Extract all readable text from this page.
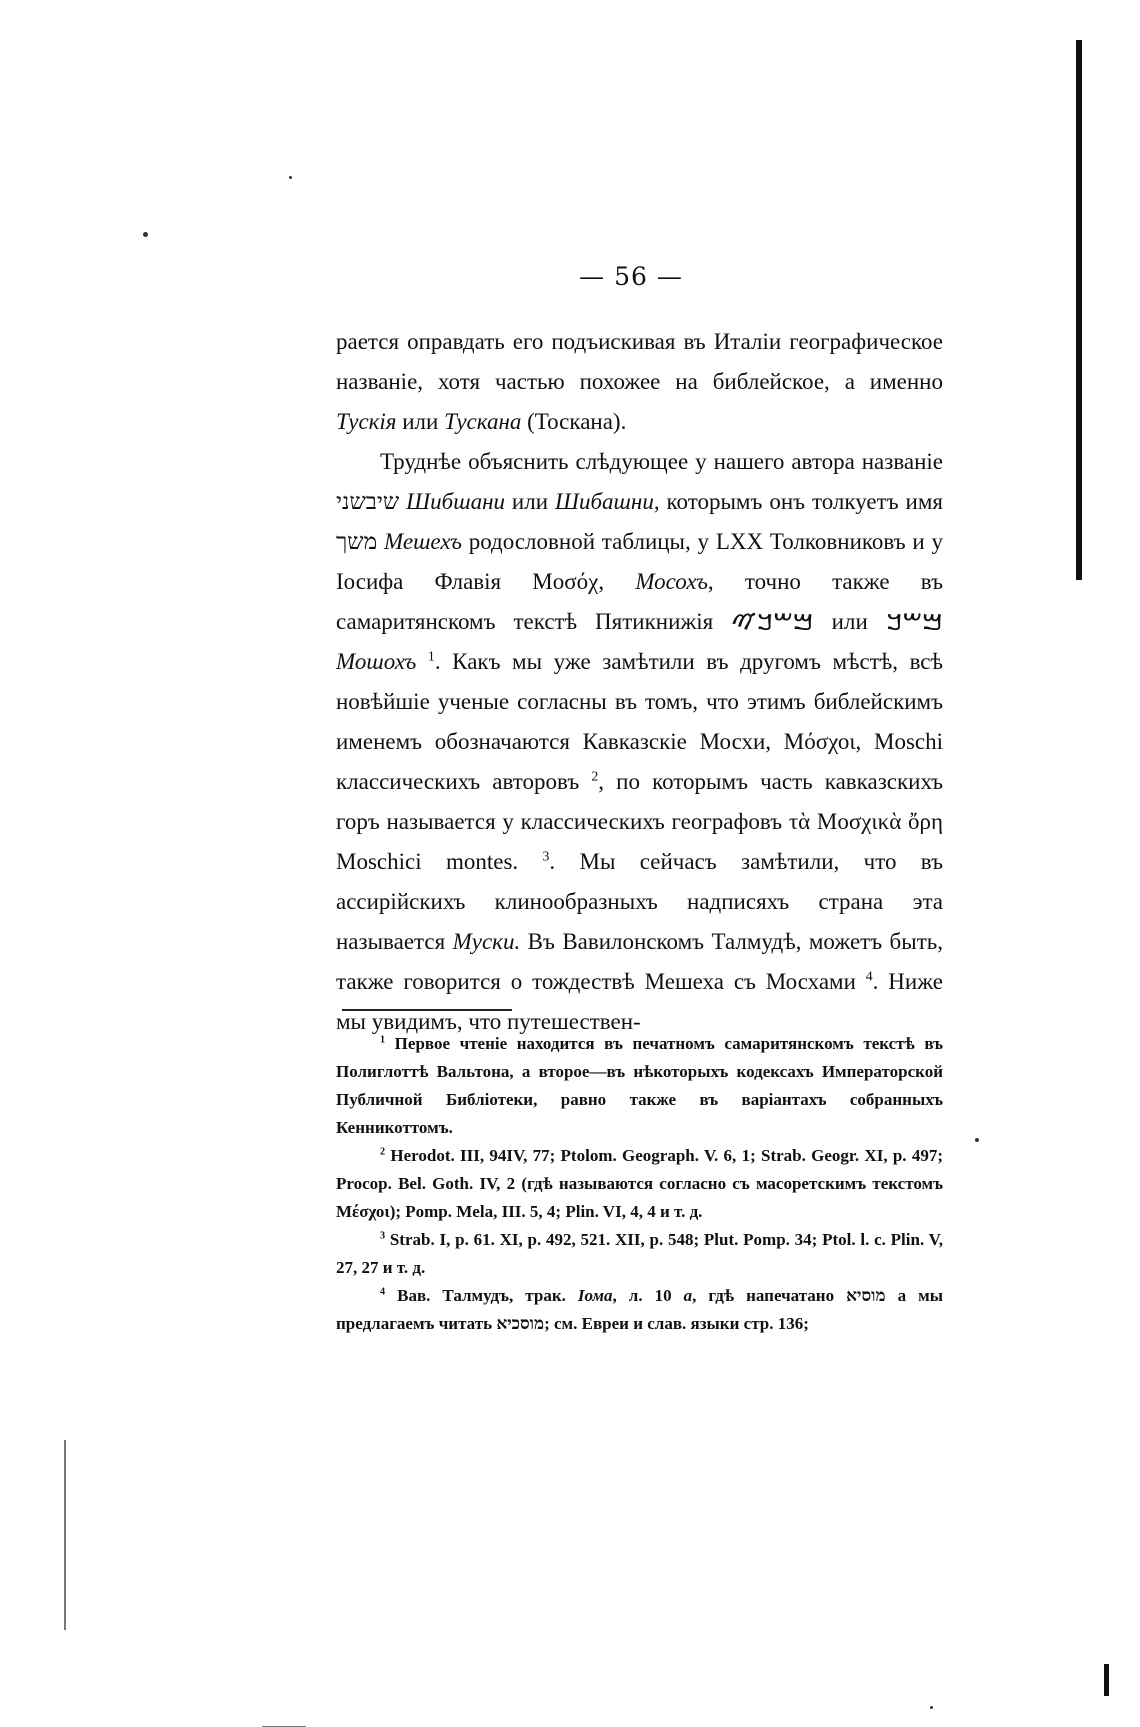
— 56 —

рается оправдать его подъискивая въ Италіи географическое названіе, хотя частью похожее на библейское, а именно Тускія или Тускана (Тоскана).

Труднѣе объяснить слѣдующее у нашего автора названіе שיבשני Шибшани или Шибашни, которымъ онъ толкуетъ имя משך Мешехъ родословной таблицы, у LXX Толковниковъ и у Іосифа Флавія Μοσόχ, Мосохъ, точно также въ самаритянскомъ текстѣ Пятикнижія ࠌࠔࠊࠉ или ࠌࠔࠊ Мошохъ $^1$. Какъ мы уже замѣтили въ другомъ мѣстѣ, всѣ новѣйшіе ученые согласны въ томъ, что этимъ библейскимъ именемъ обозначаются Кавказскіе Мосхи, Μόσχοι, Moschi классическихъ авторовъ $^2$, по которымъ часть кавказскихъ горъ называется у классическихъ географовъ τὰ Μοσχικὰ ὄρη Moschici montes. $^3$. Мы сейчасъ замѣтили, что въ ассирійскихъ клинообразныхъ надписяхъ страна эта называется Муски. Въ Вавилонскомъ Талмудѣ, можетъ быть, также говорится о тождествѣ Мешеха съ Мосхами $^4$. Ниже мы увидимъ, что путешествен-

$^1$ Первое чтеніе находится въ печатномъ самаритянскомъ текстѣ въ Полиглоттѣ Вальтона, а второе—въ нѣкоторыхъ кодексахъ Императорской Публичной Библіотеки, равно также въ варіантахъ собранныхъ Кенникоттомъ.

$^2$ Herodot. III, 94IV, 77; Ptolom. Geograph. V. 6, 1; Strab. Geogr. XI, p. 497; Procop. Bel. Goth. IV, 2 (гдѣ называются согласно съ масоретскимъ текстомъ Μέσχοι); Pomp. Mela, III. 5, 4; Plin. VI, 4, 4 и т. д.

$^3$ Strab. I, p. 61. XI, p. 492, 521. XII, p. 548; Plut. Pomp. 34; Ptol. l. c. Plin. V, 27, 27 и т. д.

$^4$ Вав. Талмудъ, трак. Іома, л. 10 а, гдѣ напечатано מוסיא а мы предлагаемъ читать מוסכיא; см. Евреи и слав. языки стр. 136;
